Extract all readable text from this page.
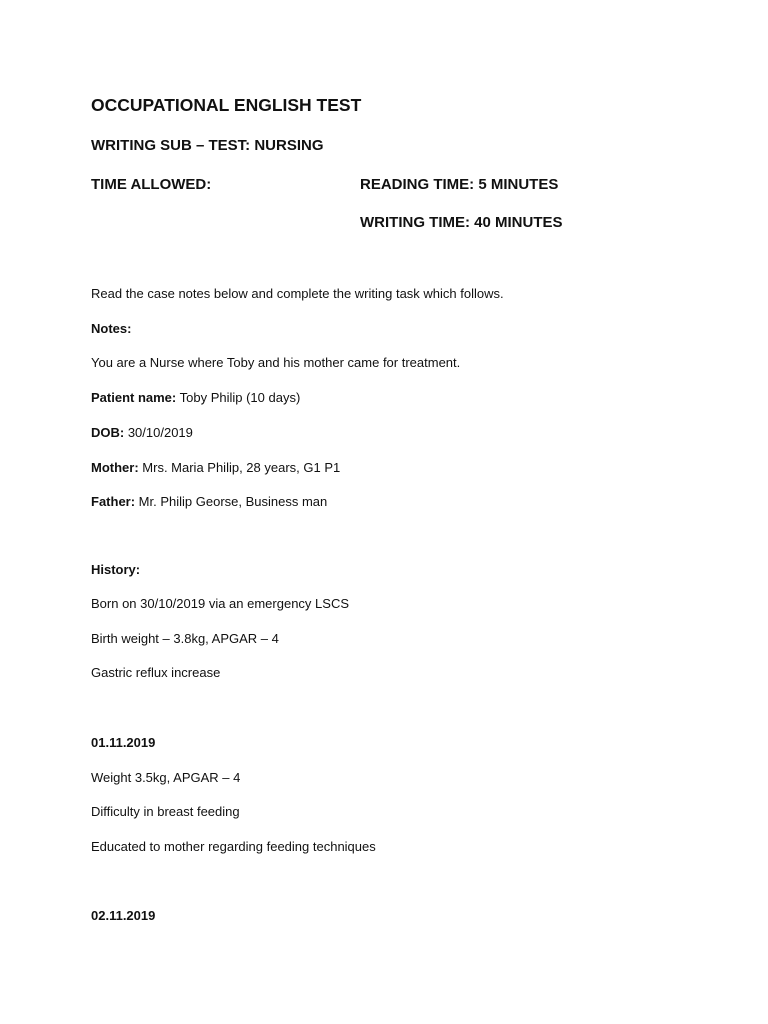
OCCUPATIONAL ENGLISH TEST
WRITING SUB – TEST: NURSING
TIME ALLOWED:	READING TIME: 5 MINUTES
WRITING TIME: 40 MINUTES
Read the case notes below and complete the writing task which follows.
Notes:
You are a Nurse where Toby and his mother came for treatment.
Patient name: Toby Philip (10 days)
DOB: 30/10/2019
Mother: Mrs. Maria Philip, 28 years, G1 P1
Father: Mr. Philip Georse, Business man
History:
Born on 30/10/2019 via an emergency LSCS
Birth weight – 3.8kg, APGAR – 4
Gastric reflux increase
01.11.2019
Weight 3.5kg, APGAR – 4
Difficulty in breast feeding
Educated to mother regarding feeding techniques
02.11.2019
